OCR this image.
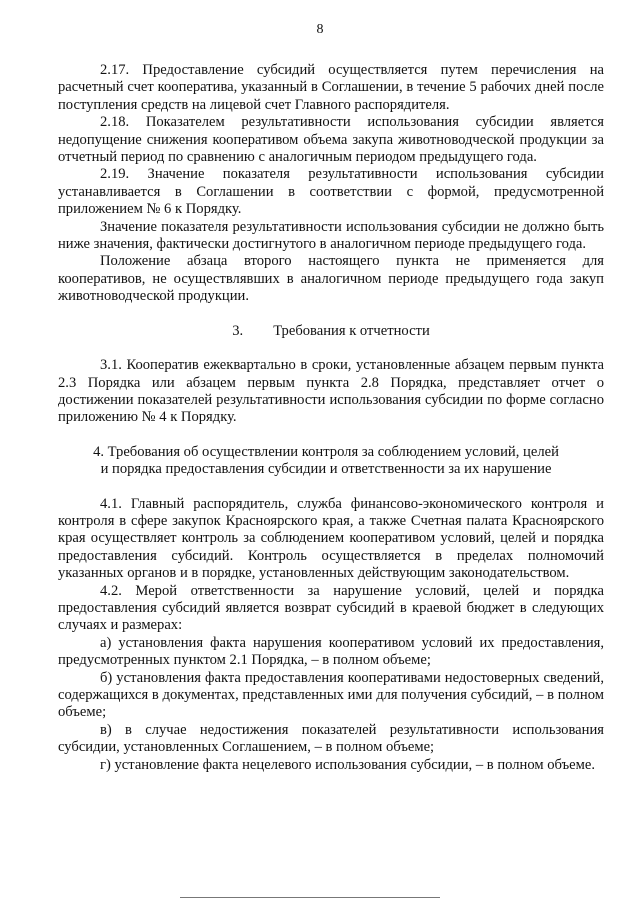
8

2.17. Предоставление субсидий осуществляется путем перечисления на расчетный счет кооператива, указанный в Соглашении, в течение 5 рабочих дней после поступления средств на лицевой счет Главного распорядителя.

2.18. Показателем результативности использования субсидии является недопущение снижения кооперативом объема закупа животноводческой продукции за отчетный период по сравнению с аналогичным периодом предыдущего года.

2.19. Значение показателя результативности использования субсидии устанавливается в Соглашении в соответствии с формой, предусмотренной приложением № 6 к Порядку.

Значение показателя результативности использования субсидии не должно быть ниже значения, фактически достигнутого в аналогичном периоде предыдущего года.

Положение абзаца второго настоящего пункта не применяется для кооперативов, не осуществлявших в аналогичном периоде предыдущего года закуп животноводческой продукции.

3. Требования к отчетности

3.1. Кооператив ежеквартально в сроки, установленные абзацем первым пункта 2.3 Порядка или абзацем первым пункта 2.8 Порядка, представляет отчет о достижении показателей результативности использования субсидии по форме согласно приложению № 4 к Порядку.

4. Требования об осуществлении контроля за соблюдением условий, целей
и порядка предоставления субсидии и ответственности за их нарушение

4.1. Главный распорядитель, служба финансово-экономического контроля и контроля в сфере закупок Красноярского края, а также Счетная палата Красноярского края осуществляет контроль за соблюдением кооперативом условий, целей и порядка предоставления субсидий. Контроль осуществляется в пределах полномочий указанных органов и в порядке, установленных действующим законодательством.

4.2. Мерой ответственности за нарушение условий, целей и порядка предоставления субсидий является возврат субсидий в краевой бюджет в следующих случаях и размерах:

а) установления факта нарушения кооперативом условий их предоставления, предусмотренных пунктом 2.1 Порядка, – в полном объеме;

б) установления факта предоставления кооперативами недостоверных сведений, содержащихся в документах, представленных ими для получения субсидий, – в полном объеме;

в) в случае недостижения показателей результативности использования субсидии, установленных Соглашением, – в полном объеме;

г) установление факта нецелевого использования субсидии, – в полном объеме.
